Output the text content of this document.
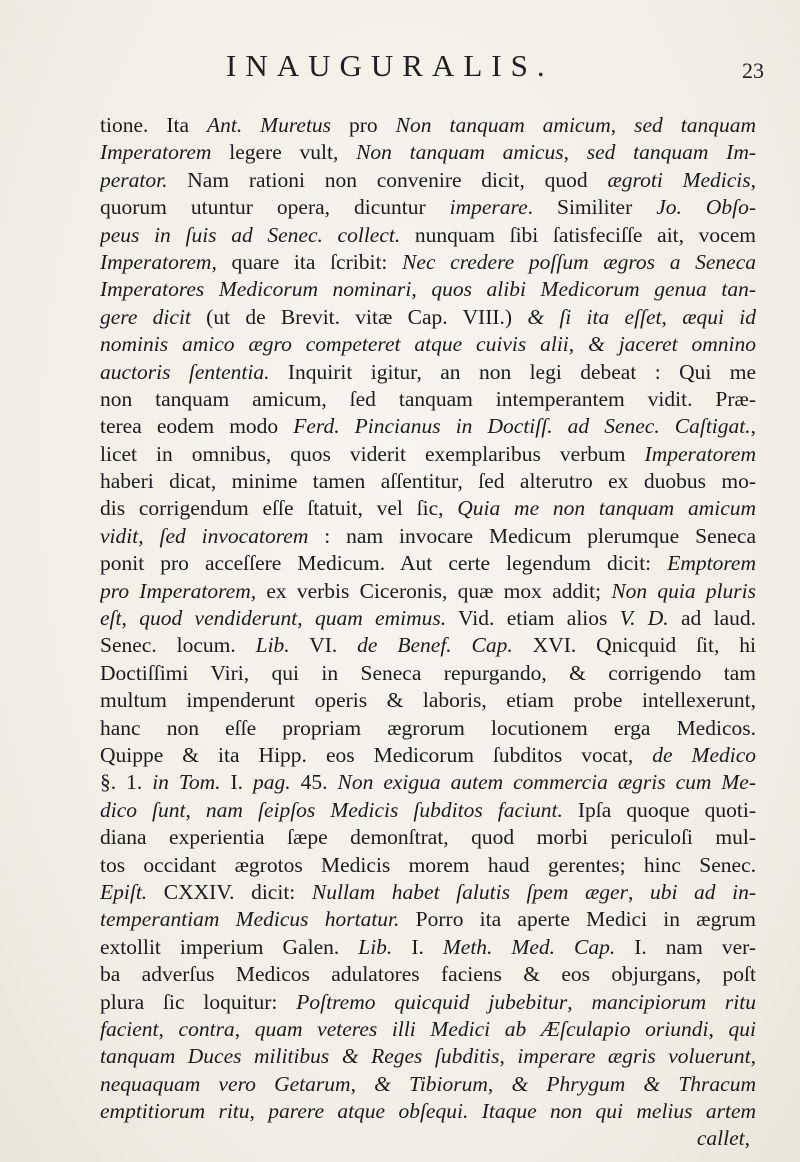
INAUGURALIS.	23
tione. Ita Ant. Muretus pro Non tanquam amicum, sed tanquam
Imperatorem legere vult, Non tanquam amicus, sed tanquam Im-
perator. Nam rationi non convenire dicit, quod ægroti Medicis,
quorum utuntur opera, dicuntur imperare. Similiter Jo. Obſo-
peus in ſuis ad Senec. collect. nunquam ſibi ſatisfeciſſe ait, vocem
Imperatorem, quare ita ſcribit: Nec credere poſſum ægros a Seneca
Imperatores Medicorum nominari, quos alibi Medicorum genua tan-
gere dicit (ut de Brevit. vitæ Cap. VIII.) & ſi ita eſſet, æqui id
nominis amico ægro competeret atque cuivis alii, & jaceret omnino
auctoris ſententia. Inquirit igitur, an non legi debeat : Qui me
non tanquam amicum, ſed tanquam intemperantem vidit. Præ-
terea eodem modo Ferd. Pincianus in Doctiſſ. ad Senec. Caſtigat.,
licet in omnibus, quos viderit exemplaribus verbum Imperatorem
haberi dicat, minime tamen aſſentitur, ſed alterutro ex duobus mo-
dis corrigendum eſſe ſtatuit, vel ſic, Quia me non tanquam amicum
vidit, ſed invocatorem : nam invocare Medicum plerumque Seneca
ponit pro acceſſere Medicum. Aut certe legendum dicit: Emptorem
pro Imperatorem, ex verbis Ciceronis, quæ mox addit; Non quia pluris
eſt, quod vendiderunt, quam emimus. Vid. etiam alios V. D. ad laud.
Senec. locum. Lib. VI. de Benef. Cap. XVI. Qnicquid ſit, hi
Doctiſſimi Viri, qui in Seneca repurgando, & corrigendo tam
multum impenderunt operis & laboris, etiam probe intellexerunt,
hanc non eſſe propriam ægrorum locutionem erga Medicos.
Quippe & ita Hipp. eos Medicorum ſubditos vocat, de Medico
§. 1. in Tom. I. pag. 45. Non exigua autem commercia ægris cum Me-
dico ſunt, nam ſeipſos Medicis ſubditos faciunt. Ipſa quoque quoti-
diana experientia ſæpe demonſtrat, quod morbi periculoſi mul-
tos occidant ægrotos Medicis morem haud gerentes; hinc Senec.
Epiſt. CXXIV. dicit: Nullam habet ſalutis ſpem æger, ubi ad in-
temperantiam Medicus hortatur. Porro ita aperte Medici in ægrum
extollit imperium Galen. Lib. I. Meth. Med. Cap. I. nam ver-
ba adverſus Medicos adulatores faciens & eos objurgans, poſt
plura ſic loquitur: Poſtremo quicquid jubebitur, mancipiorum ritu
facient, contra, quam veteres illi Medici ab Æſculapio oriundi, qui
tanquam Duces militibus & Reges ſubditis, imperare ægris voluerunt,
nequaquam vero Getarum, & Tibiorum, & Phrygum & Thracum
emptitiorum ritu, parere atque obſequi. Itaque non qui melius artem
callet,
